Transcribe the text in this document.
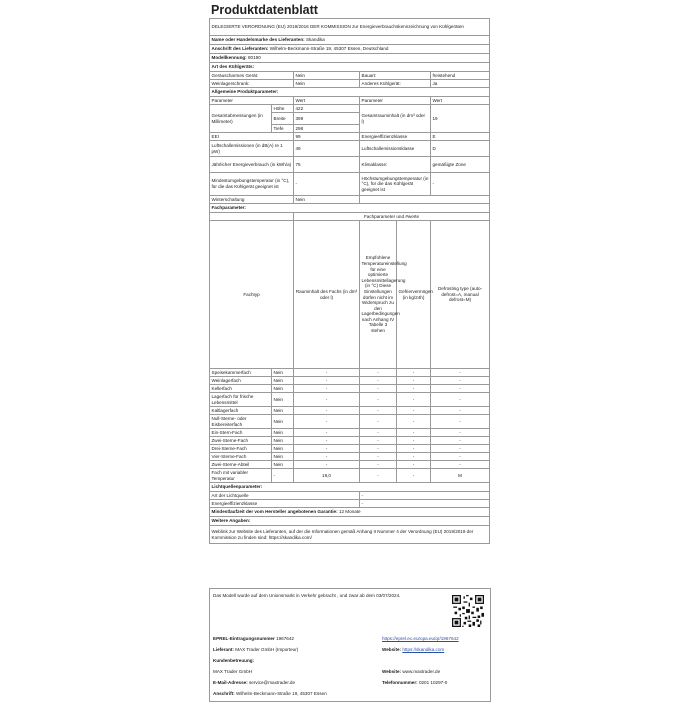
Produktdatenblatt
DELEGIERTE VERORDNUNG (EU) 2019/2016 DER KOMMISSION zur Energieverbrauchskennzeichnung von Kühlgeräten					
Name oder Handelsmarke des Lieferanten: Skandika					
Anschrift des Lieferanten: Wilhelm-Beckmann-Straße 19, 45307 Essen, Deutschland					
Modellkennung: 80190					
Art des Kühlgeräts:					
Geräuscharmes Gerät:		Nein	Bauart:		freistehend
Weinlagerschrank:		Nein	Anderes Kühlgerät:		Ja
Allgemeine Produktparameter:					
Parameter		Wert	Parameter		Wert
Gesamtabmessungen (in Millimeter)	Höhe	422	Gesamtrauminhalt (in dm³ oder l)		19
	Breite	399			
	Tiefe	298			
EEI		99	Energieeffizienzklasse		E
Luftschallemissionen (in dB(A) re 1 pW)		49	Luftschallemissionsklasse		D
Jährlicher Energieverbrauch (in kWh/a)		75	Klimaklasse:		gemäßigte Zone
Mindestumgebungstemperatur (in °C), für die das Kühlgerät geeignet ist		-	Höchstumgebungstemperatur (in °C), für die das Kühlgerät geeignet ist		-
Winterschaltung		Nein			
Fachparameter:					
		Fachparameter und #werte			
Fachtyp		Rauminhalt des Fachs (in dm³ oder l)	Empfohlene Temperatureinstellung für eine optimierte Lebensmittellagerung (in °C) Diese Einstellungen dürfen nicht im Widerspruch zu den Lagerbedingungen nach Anhang IV Tabelle 3 stehen	Gefriervermögen (in kg/24h)	Defrosting type (auto-defrost=A, manual defrost=M)
Speisekammerfach	Nein	-	-	-	-
Weinlagerfach	Nein	-	-	-	-
Kellerfach	Nein	-	-	-	-
Lagerfach für frische Lebensmittel	Nein	-	-	-	-
Kaltlagerfach	Nein	-	-	-	-
Null-Sterne- oder Eisbereiterfach	Nein	-	-	-	-
Ein-Stern-Fach	Nein	-	-	-	-
Zwei-Sterne-Fach	Nein	-	-	-	-
Drei-Sterne-Fach	Nein	-	-	-	-
Vier-Sterne-Fach	Nein	-	-	-	-
Zwei-Sterne-Abteil	Nein	-	-	-	-
Fach mit variabler Temperatur	-	19,0	-	-	M
Lichtquellenparameter:					
Art der Lichtquelle			-		
Energieeffizienzklasse			-		
Mindestlaufzeit der vom Hersteller angebotenen Garantie: 12 Monate					
Weitere Angaben:					
Weblink zur Website des Lieferanten, auf der die Informationen gemäß Anhang II Nummer 4 der Verordnung (EU) 2019/2019 der Kommission zu finden sind: https://skandika.com/					
Das Modell wurde auf dem Unionsmarkt in Verkehr gebracht , und zwar ab dem 03/07/2024.
EPREL-Eintragungsnummer 1967642	https://eprel.ec.europa.eu/qr/1967642
Lieferant: MAX Trader GmbH (Importeur)	Website: https://skandika.com
Kundenbetreuung:
MAX Trader GmbH	Website: www.maxtrader.de
E-Mail-Adresse: service@maxtrader.de	Telefonnummer: 0201 10297-0
Anschrift: Wilhelm-Beckmann-Straße 19, 45307 Essen
